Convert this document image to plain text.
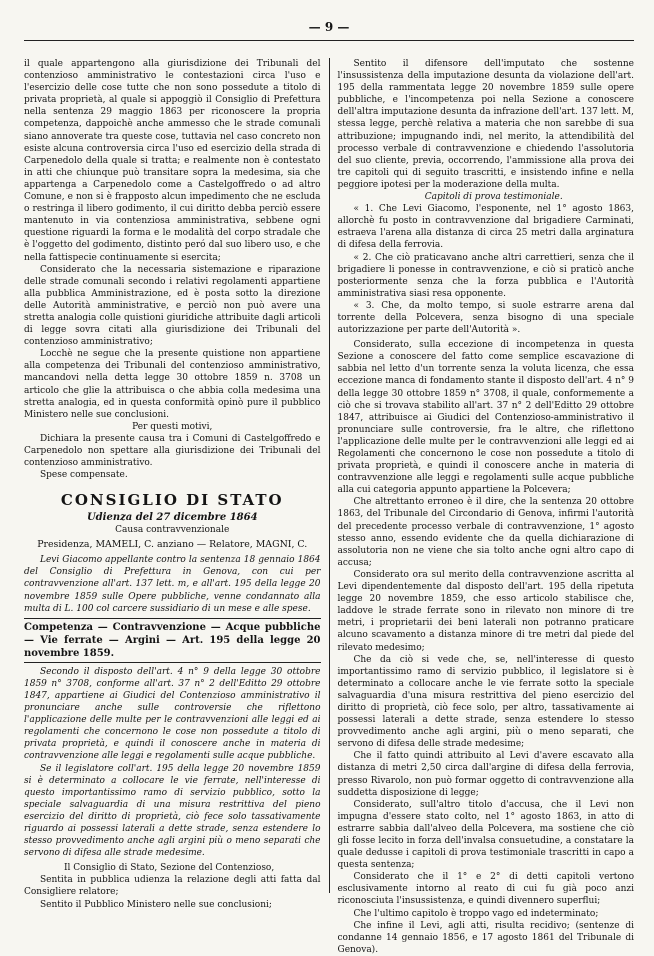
— 9 —

il quale appartengono alla giurisdizione dei Tribunali del contenzioso amministrativo le contestazioni circa l'uso e l'esercizio delle cose tutte che non sono possedute a titolo di privata proprietà, al quale si appoggiò il Consiglio di Prefettura nella sentenza 29 maggio 1863 per riconoscere la propria competenza, dappoichè anche ammesso che le strade comunali siano annoverate tra queste cose, tuttavia nel caso concreto non esiste alcuna controversia circa l'uso ed esercizio della strada di Carpenedolo della quale si tratta; e realmente non è contestato in atti che chiunque può transitare sopra la medesima, sia che appartenga a Carpenedolo come a Castelgoffredo o ad altro Comune, e non si è frapposto alcun impedimento che ne escluda o restringa il libero godimento, il cui diritto debba perciò essere mantenuto in via contenziosa amministrativa, sebbene ogni questione riguardi la forma e le modalità del corpo stradale che è l'oggetto del godimento, distinto peró dal suo libero uso, e che nella fattispecie continuamente si esercita;

Considerato che la necessaria sistemazione e riparazione delle strade comunali secondo i relativi regolamenti appartiene alla pubblica Amministrazione, ed è posta sotto la direzione delle Autorità amministrative, e perciò non può avere una stretta analogia colle quistioni giuridiche attribuite dagli articoli di legge sovra citati alla giurisdizione dei Tribunali del contenzioso amministrativo;

Locchè ne segue che la presente quistione non appartiene alla competenza dei Tribunali del contenzioso amministrativo, mancandovi nella detta legge 30 ottobre 1859 n. 3708 un articolo che glie la attribuisca o che abbia colla medesima una stretta analogia, ed in questa conformità opinò pure il pubblico Ministero nelle sue conclusioni.

Per questi motivi,

Dichiara la presente causa tra i Comuni di Castelgoffredo e Carpenedolo non spettare alla giurisdizione dei Tribunali del contenzioso amministrativo.

Spese compensate.

CONSIGLIO DI STATO
Udienza del 27 dicembre 1864
Causa contravvenzionale
Presidenza, MAMELI, C. anziano — Relatore, MAGNI, C.

Levi Giacomo appellante contro la sentenza 18 gennaio 1864 del Consiglio di Prefettura in Genova, con cui per contravvenzione all'art. 137 lett. m, e all'art. 195 della legge 20 novembre 1859 sulle Opere pubbliche, venne condannato alla multa di L. 100 col carcere sussidiario di un mese e alle spese.

Competenza — Contravvenzione — Acque pubbliche — Vie ferrate — Argini — Art. 195 della legge 20 novembre 1859.

Secondo il disposto dell'art. 4 n° 9 della legge 30 ottobre 1859 n° 3708, conforme all'art. 37 n° 2 dell'Editto 29 ottobre 1847, appartiene ai Giudici del Contenzioso amministrativo il pronunciare anche sulle controversie che riflettono l'applicazione delle multe per le contravvenzioni alle leggi ed ai regolamenti che concernono le cose non possedute a titolo di privata proprietà, e quindi il conoscere anche in materia di contravvenzione alle leggi e regolamenti sulle acque pubbliche.

Se il legislatore coll'art. 195 della legge 20 novembre 1859 si è determinato a collocare le vie ferrate, nell'interesse di questo importantissimo ramo di servizio pubblico, sotto la speciale salvaguardia di una misura restrittiva del pieno esercizio del diritto di proprietà, ciò fece solo tassativamente riguardo ai possessi laterali a dette strade, senza estendere lo stesso provvedimento anche agli argini più o meno separati che servono di difesa alle strade medesime.

Il Consiglio di Stato, Sezione del Contenzioso,

Sentita in pubblica udienza la relazione degli atti fatta dal Consigliere relatore;

Sentito il Pubblico Ministero nelle sue conclusioni;

Sentito il difensore dell'imputato che sostenne l'insussistenza della imputazione desunta da violazione dell'art. 195 della rammentata legge 20 novembre 1859 sulle opere pubbliche, e l'incompetenza poi nella Sezione a conoscere dell'altra imputazione desunta da infrazione dell'art. 137 lett. M, stessa legge, perchè relativa a materia che non sarebbe di sua attribuzione; impugnando indi, nel merito, la attendibilità del processo verbale di contravvenzione e chiedendo l'assolutoria del suo cliente, previa, occorrendo, l'ammissione alla prova dei tre capitoli qui di seguito trascritti, e insistendo infine e nella peggiore ipotesi per la moderazione della multa.

Capitoli di prova testimoniale.

« 1. Che Levi Giacomo, l'esponente, nel 1° agosto 1863, allorchè fu posto in contravvenzione dal brigadiere Carminati, estraeva l'arena alla distanza di circa 25 metri dalla arginatura di difesa della ferrovia.

« 2. Che ciò praticavano anche altri carrettieri, senza che il brigadiere li ponesse in contravvenzione, e ciò si praticò anche posteriormente senza che la forza pubblica e l'Autorità amministrativa siasi resa opponente.

« 3. Che, da molto tempo, si suole estrarre arena dal torrente della Polcevera, senza bisogno di una speciale autorizzazione per parte dell'Autorità ».

Considerato, sulla eccezione di incompetenza in questa Sezione a conoscere del fatto come semplice escavazione di sabbia nel letto d'un torrente senza la voluta licenza, che essa eccezione manca di fondamento stante il disposto dell'art. 4 n° 9 della legge 30 ottobre 1859 n° 3708, il quale, conformemente a ciò che si trovava stabilito all'art. 37 n° 2 dell'Editto 29 ottobre 1847, attribuisce ai Giudici del Contenzioso-amministrativo il pronunciare sulle controversie, fra le altre, che riflettono l'applicazione delle multe per le contravvenzioni alle leggi ed ai Regolamenti che concernono le cose non possedute a titolo di privata proprietà, e quindi il conoscere anche in materia di contravvenzione alle leggi e regolamenti sulle acque pubbliche alla cui categoria appunto appartiene la Polcevera;

Che altrettanto erroneo è il dire, che la sentenza 20 ottobre 1863, del Tribunale del Circondario di Genova, infirmi l'autorità del precedente processo verbale di contravvenzione, 1° agosto stesso anno, essendo evidente che da quella dichiarazione di assolutoria non ne viene che sia tolto anche ogni altro capo di accusa;

Considerato ora sul merito della contravvenzione ascritta al Levi dipendentemente dal disposto dell'art. 195 della ripetuta legge 20 novembre 1859, che esso articolo stabilisce che, laddove le strade ferrate sono in rilevato non minore di tre metri, i proprietarii dei beni laterali non potranno praticare alcuno scavamento a distanza minore di tre metri dal piede del rilevato medesimo;

Che da ciò si vede che, se, nell'interesse di questo importantissimo ramo di servizio pubblico, il legislatore si è determinato a collocare anche le vie ferrate sotto la speciale salvaguardia d'una misura restrittiva del pieno esercizio del diritto di proprietà, ciò fece solo, per altro, tassativamente ai possessi laterali a dette strade, senza estendere lo stesso provvedimento anche agli argini, più o meno separati, che servono di difesa delle strade medesime;

Che il fatto quindi attribuito al Levi d'avere escavato alla distanza di metri 2,50 circa dall'argine di difesa della ferrovia, presso Rivarolo, non può formar oggetto di contravvenzione alla suddetta disposizione di legge;

Considerato, sull'altro titolo d'accusa, che il Levi non impugna d'essere stato colto, nel 1° agosto 1863, in atto di estrarre sabbia dall'alveo della Polcevera, ma sostiene che ciò gli fosse lecito in forza dell'invalsa consuetudine, a constatare la quale dedusse i capitoli di prova testimoniale trascritti in capo a questa sentenza;

Considerato che il 1° e 2° di detti capitoli vertono esclusivamente intorno al reato di cui fu già poco anzi riconosciuta l'insussistenza, e quindi divennero superflui;

Che l'ultimo capitolo è troppo vago ed indeterminato;

Che infine il Levi, agli atti, risulta recidivo; (sentenze di condanne 14 gennaio 1856, e 17 agosto 1861 del Tribunale di Genova).
